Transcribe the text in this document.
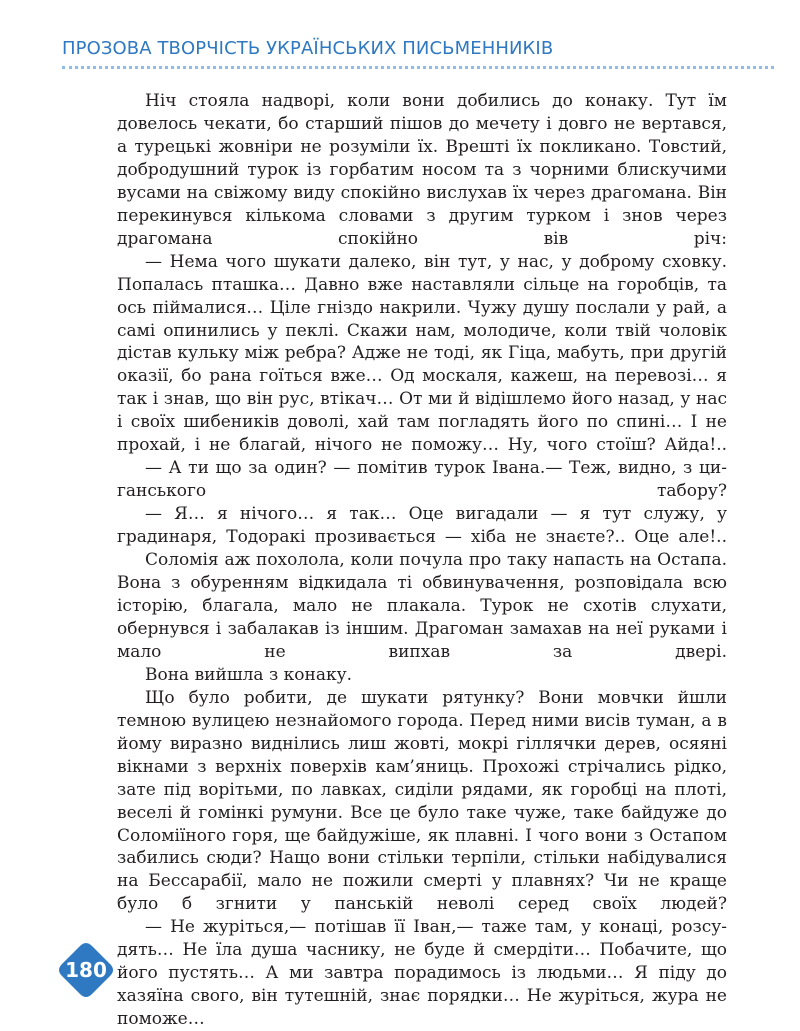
ПРОЗОВА ТВОРЧІСТЬ УКРАЇНСЬКИХ ПИСЬМЕННИКІВ

Ніч стояла надворі, коли вони добились до конаку. Тут їм довелось чекати, бо старший пішов до мечету і довго не вертався, а турецькі жовніри не розуміли їх. Врешті їх покликано. Товстий, добродушний турок із горбатим носом та з чорними блискучими вусами на свіжому виду спокійно вислухав їх через драгомана. Він перекинувся кількома словами з другим турком і знов через драгомана спокійно вів річ:

— Нема чого шукати далеко, він тут, у нас, у доброму сховку. Попалась пташка… Давно вже наставляли сільце на горобців, та ось піймалися… Ціле гніздо накрили. Чужу душу послали у рай, а самі опинились у пеклі. Скажи нам, молодиче, коли твій чоловік дістав кульку між ребра? Адже не тоді, як Гіца, мабуть, при другій оказії, бо рана гоїться вже… Од москаля, кажеш, на перевозі… я так і знав, що він рус, втікач… От ми й відішлемо його назад, у нас і своїх шибеників доволі, хай там погладять його по спині… І не прохай, і не благай, нічого не поможу… Ну, чого стоїш? Айда!..

— А ти що за один? — помітив турок Івана.— Теж, видно, з циганського табору?

— Я… я нічого… я так… Оце вигадали — я тут служу, у градинаря, Тодоракі прозивається — хіба не знаєте?.. Оце але!..

Соломія аж похолола, коли почула про таку напасть на Остапа. Вона з обуренням відкидала ті обвинувачення, розповідала всю історію, благала, мало не плакала. Турок не схотів слухати, обернувся і забалакав із іншим. Драгоман замахав на неї руками і мало не випхав за двері.

Вона вийшла з конаку.

Що було робити, де шукати рятунку? Вони мовчки йшли темною вулицею незнайомого города. Перед ними висів туман, а в йому виразно виднілись лиш жовті, мокрі гіллячки дерев, осяяні вікнами з верхніх поверхів кам’яниць. Прохожі стрічались рідко, зате під ворітьми, по лавках, сиділи рядами, як горобці на плоті, веселі й гомінкі румуни. Все це було таке чуже, таке байдуже до Соломіїного горя, ще байдужіше, як плавні. І чого вони з Остапом забились сюди? Нащо вони стільки терпіли, стільки набідувалися на Бессарабії, мало не пожили смерті у плавнях? Чи не краще було б згнити у панській неволі серед своїх людей?

— Не журіться,— потішав її Іван,— таже там, у конаці, розсудять… Не їла душа часнику, не буде й смердіти… Побачите, що його пустять… А ми завтра порадимось із людьми… Я піду до хазяїна свого, він тутешній, знає порядки… Не журіться, жура не поможе…

180
